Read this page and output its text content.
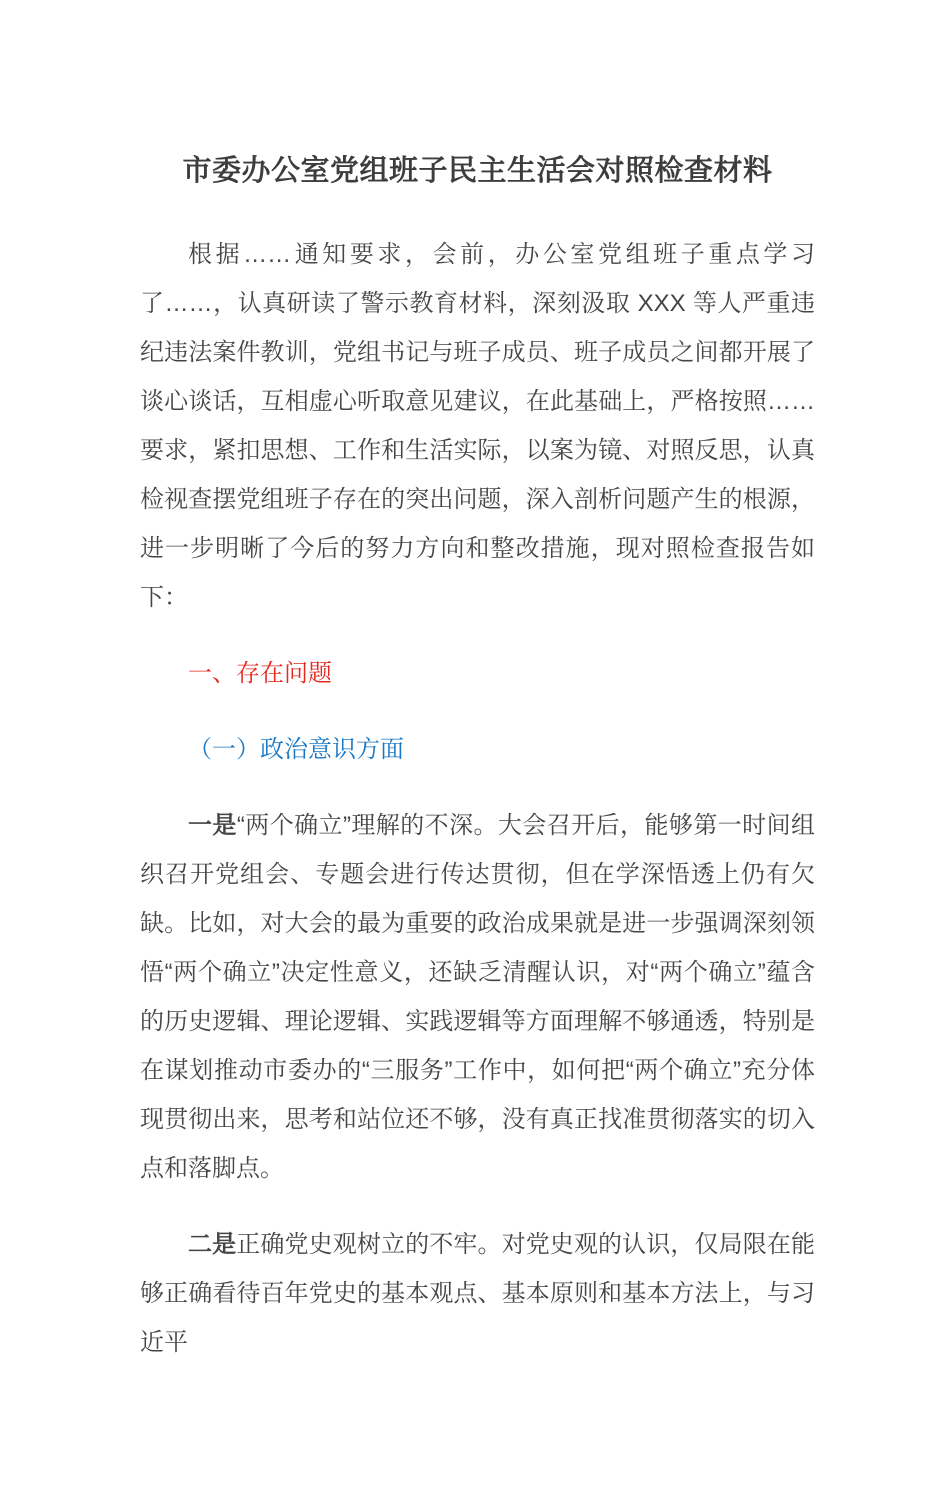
市委办公室党组班子民主生活会对照检查材料

根据……通知要求，会前，办公室党组班子重点学习了……，认真研读了警示教育材料，深刻汲取 XXX 等人严重违纪违法案件教训，党组书记与班子成员、班子成员之间都开展了谈心谈话，互相虚心听取意见建议，在此基础上，严格按照……要求，紧扣思想、工作和生活实际，以案为镜、对照反思，认真检视查摆党组班子存在的突出问题，深入剖析问题产生的根源，进一步明晰了今后的努力方向和整改措施，现对照检查报告如下：

一、存在问题
（一）政治意识方面

一是“两个确立”理解的不深。大会召开后，能够第一时间组织召开党组会、专题会进行传达贯彻，但在学深悟透上仍有欠缺。比如，对大会的最为重要的政治成果就是进一步强调深刻领悟“两个确立”决定性意义，还缺乏清醒认识，对“两个确立”蕴含的历史逻辑、理论逻辑、实践逻辑等方面理解不够通透，特别是在谋划推动市委办的“三服务”工作中，如何把“两个确立”充分体现贯彻出来，思考和站位还不够，没有真正找准贯彻落实的切入点和落脚点。

二是正确党史观树立的不牢。对党史观的认识，仅局限在能够正确看待百年党史的基本观点、基本原则和基本方法上，与习近平
